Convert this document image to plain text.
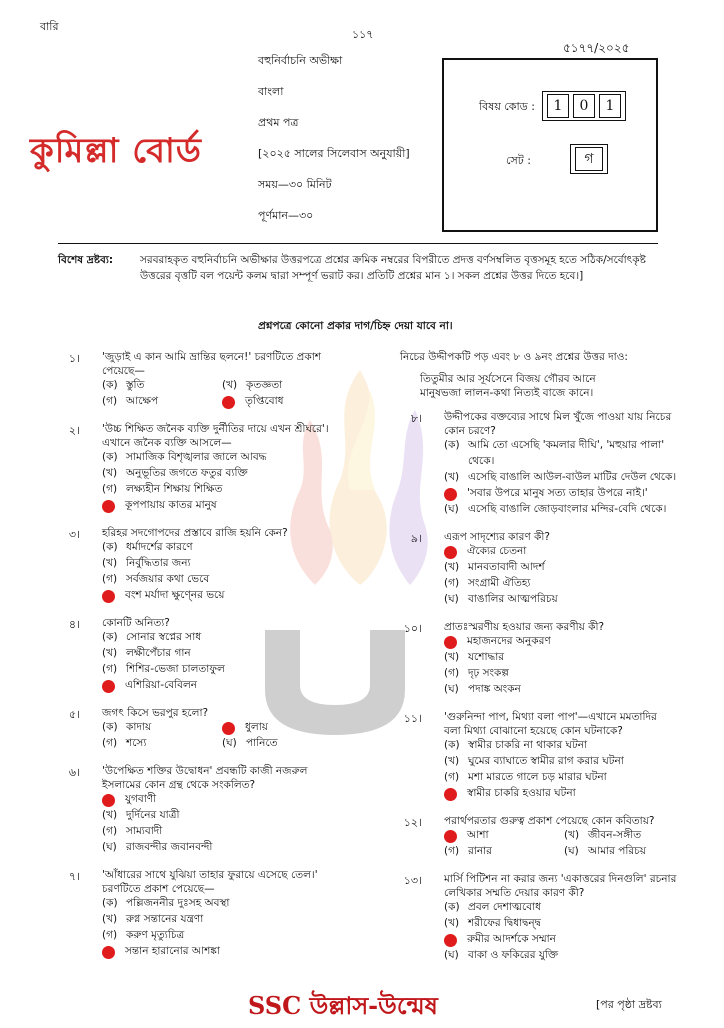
বারি
১১৭
৫১৭৭/২০২৫
বহুনির্বাচনি অভীক্ষা
বাংলা
প্রথম পত্র
[২০২৫ সালের সিলেবাস অনুযায়ী]
সময়—৩০ মিনিট
পূর্ণমান—৩০
কুমিল্লা বোর্ড
বিষয় কোড :	1	0	1
সেট :	গ
বিশেষ দ্রষ্টব্য:	সরবরাহকৃত বহুনির্বাচনি অভীক্ষার উত্তরপত্রে প্রশ্নের ক্রমিক নম্বরের বিপরীতে প্রদত্ত বর্ণসম্বলিত বৃত্তসমূহ হতে সঠিক/সর্বোৎকৃষ্ট উত্তরের বৃত্তটি বল পয়েন্ট কলম দ্বারা সম্পূর্ণ ভরাট কর। প্রতিটি প্রশ্নের মান ১। সকল প্রশ্নের উত্তর দিতে হবে।]
প্রশ্নপত্রে কোনো প্রকার দাগ/চিহ্ন দেয়া যাবে না।
১। 'জুড়াই এ কান আমি ভ্রান্তির ছলনে!' চরণটিতে প্রকাশ
পেয়েছে—
(ক) স্তুতি	(খ) কৃতজ্ঞতা
(গ) আক্ষেপ	তৃপ্তিবোধ
২। 'উচ্চ শিক্ষিত জনৈক ব্যক্তি দুর্নীতির দায়ে এখন শ্রীঘরে'।
এখানে জনৈক ব্যক্তি আসলে—
(ক) সামাজিক বিশৃঙ্খলার জালে আবদ্ধ
(খ) অনুভূতির জগতে ফতুর ব্যক্তি
(গ) লক্ষ্যহীন শিক্ষায় শিক্ষিত
কূপপায়ায় কাতর মানুষ
৩। হরিহর সদগোপদের প্রস্তাবে রাজি হয়নি কেন?
(ক) ধর্মাদর্শের কারণে
(খ) নির্বুদ্ধিতার জন্য
(গ) সর্বজয়ার কথা ভেবে
বংশ মর্যাদা ক্ষুণ্নের ভয়ে
৪। কোনটি অনিত্য?
(ক) সোনার স্বপ্নের সাধ
(খ) লক্ষীপেঁচার গান
(গ) শিশির-ভেজা চালতাফুল
এশিরিয়া-বেবিলন
৫। জগৎ কিসে ভরপুর হলো?
(ক) কাদায়	ধুলায়
(গ) শস্যে	(ঘ) পানিতে
৬। 'উপেক্ষিত শক্তির উদ্বোধন' প্রবন্ধটি কাজী নজরুল
ইসলামের কোন গ্রন্থ থেকে সংকলিত?
যুগবাণী
(খ) দুর্দিনের যাত্রী
(গ) সাম্যবাদী
(ঘ) রাজবন্দীর জবানবন্দী
৭। 'আঁধারের সাথে যুঝিয়া তাহার ফুরায়ে এসেছে তেল।'
চরণটিতে প্রকাশ পেয়েছে—
(ক) পল্লিজননীর দুঃসহ অবস্থা
(খ) রুগ্ন সন্তানের যন্ত্রণা
(গ) করুণ মৃত্যুচিত্র
সন্তান হারানোর আশঙ্কা
নিচের উদ্দীপকটি পড় এবং ৮ ও ৯নং প্রশ্নের উত্তর দাও:
তিতুমীর আর সূর্যসেনে বিজয় গৌরব আনে
মানুষভজা লালন-কথা নিত্যই বাজে কানে।
৮। উদ্দীপকের বক্তব্যের সাথে মিল খুঁজে পাওয়া যায় নিচের
কোন চরণে?
(ক) আমি তো এসেছি 'কমলার দীঘি', 'মহুয়ার পালা'
থেকে।
(খ) এসেছি বাঙালি আউল-বাউল মাটির দেউল থেকে।
'সবার উপরে মানুষ সত্য তাহার উপরে নাই।'
(ঘ) এসেছি বাঙালি জোড়বাংলার মন্দির-বেদি থেকে।
৯। এরূপ সাদৃশ্যের কারণ কী?
ঐক্যের চেতনা
(খ) মানবতাবাদী আদর্শ
(গ) সংগ্রামী ঐতিহ্য
(ঘ) বাঙালির আত্মপরিচয়
১০। প্রাতঃস্মরণীয় হওয়ার জন্য করণীয় কী?
মহাজনদের অনুকরণ
(খ) যশোদ্ধার
(গ) দৃঢ় সংকল্প
(ঘ) পদাঙ্ক অংকন
১১। 'গুরুনিন্দা পাপ, মিথ্যা বলা পাপ'—এখানে মমতাদির
বলা মিথ্যা বোঝানো হয়েছে কোন ঘটনাকে?
(ক) স্বামীর চাকরি না থাকার ঘটনা
(খ) ঘুমের ব্যাঘাতে স্বামীর রাগ করার ঘটনা
(গ) মশা মারতে গালে চড় মারার ঘটনা
স্বামীর চাকরি হওয়ার ঘটনা
১২। পরার্থপরতার গুরুত্ব প্রকাশ পেয়েছে কোন কবিতায়?
আশা	(খ) জীবন-সঙ্গীত
(গ) রানার	(ঘ) আমার পরিচয়
১৩। মার্সি পিটিশন না করার জন্য 'একাত্তরের দিনগুলি' রচনার
লেখিকার সম্মতি দেয়ার কারণ কী?
(ক) প্রবল দেশাত্মবোধ
(খ) শরীফের দ্বিধাদ্বন্দ্ব
রুমীর আদর্শকে সম্মান
(ঘ) বাকা ও ফকিরের যুক্তি
SSC উল্লাস-উন্মেষ	[পর পৃষ্ঠা দ্রষ্টব্য
